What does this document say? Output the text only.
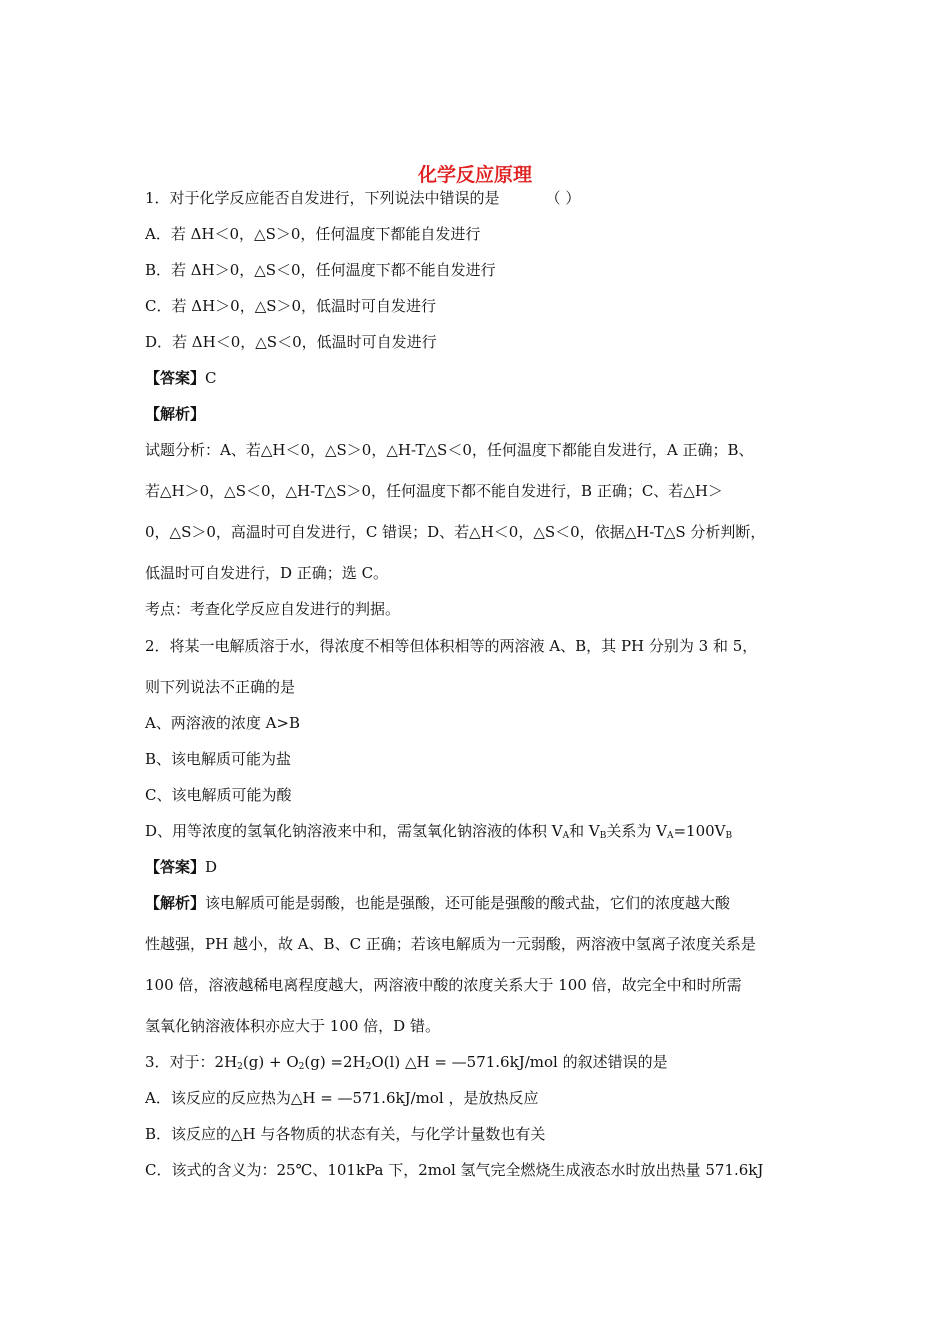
化学反应原理
1．对于化学反应能否自发进行，下列说法中错误的是	（ ）
A．若 ΔH＜0，△S＞0，任何温度下都能自发进行
B．若 ΔH＞0，△S＜0，任何温度下都不能自发进行
C．若 ΔH＞0，△S＞0，低温时可自发进行
D．若 ΔH＜0，△S＜0，低温时可自发进行
【答案】C
【解析】
试题分析：A、若△H＜0，△S＞0，△H-T△S＜0，任何温度下都能自发进行，A 正确；B、
若△H＞0，△S＜0，△H-T△S＞0，任何温度下都不能自发进行，B 正确；C、若△H＞
0，△S＞0，高温时可自发进行，C 错误；D、若△H＜0，△S＜0，依据△H-T△S 分析判断，
低温时可自发进行，D 正确；选 C。
考点：考查化学反应自发进行的判据。
2．将某一电解质溶于水，得浓度不相等但体积相等的两溶液 A、B，其 PH 分别为 3 和 5，
则下列说法不正确的是
A、两溶液的浓度 A>B
B、该电解质可能为盐
C、该电解质可能为酸
D、用等浓度的氢氧化钠溶液来中和，需氢氧化钠溶液的体积 $V_A$和 $V_B$关系为 $V_A=100V_B$
【答案】D
【解析】该电解质可能是弱酸，也能是强酸，还可能是强酸的酸式盐，它们的浓度越大酸
性越强，PH 越小，故 A、B、C 正确；若该电解质为一元弱酸，两溶液中氢离子浓度关系是
100 倍，溶液越稀电离程度越大，两溶液中酸的浓度关系大于 100 倍，故完全中和时所需
氢氧化钠溶液体积亦应大于 100 倍，D 错。
3．对于：$2H_2(g) + O_2(g) =2H_2O(l)$ △H = —571.6kJ/mol 的叙述错误的是
A．该反应的反应热为△H = —571.6kJ/mol ，是放热反应
B．该反应的△H 与各物质的状态有关，与化学计量数也有关
C．该式的含义为：25℃、101kPa 下，2mol 氢气完全燃烧生成液态水时放出热量 571.6kJ
